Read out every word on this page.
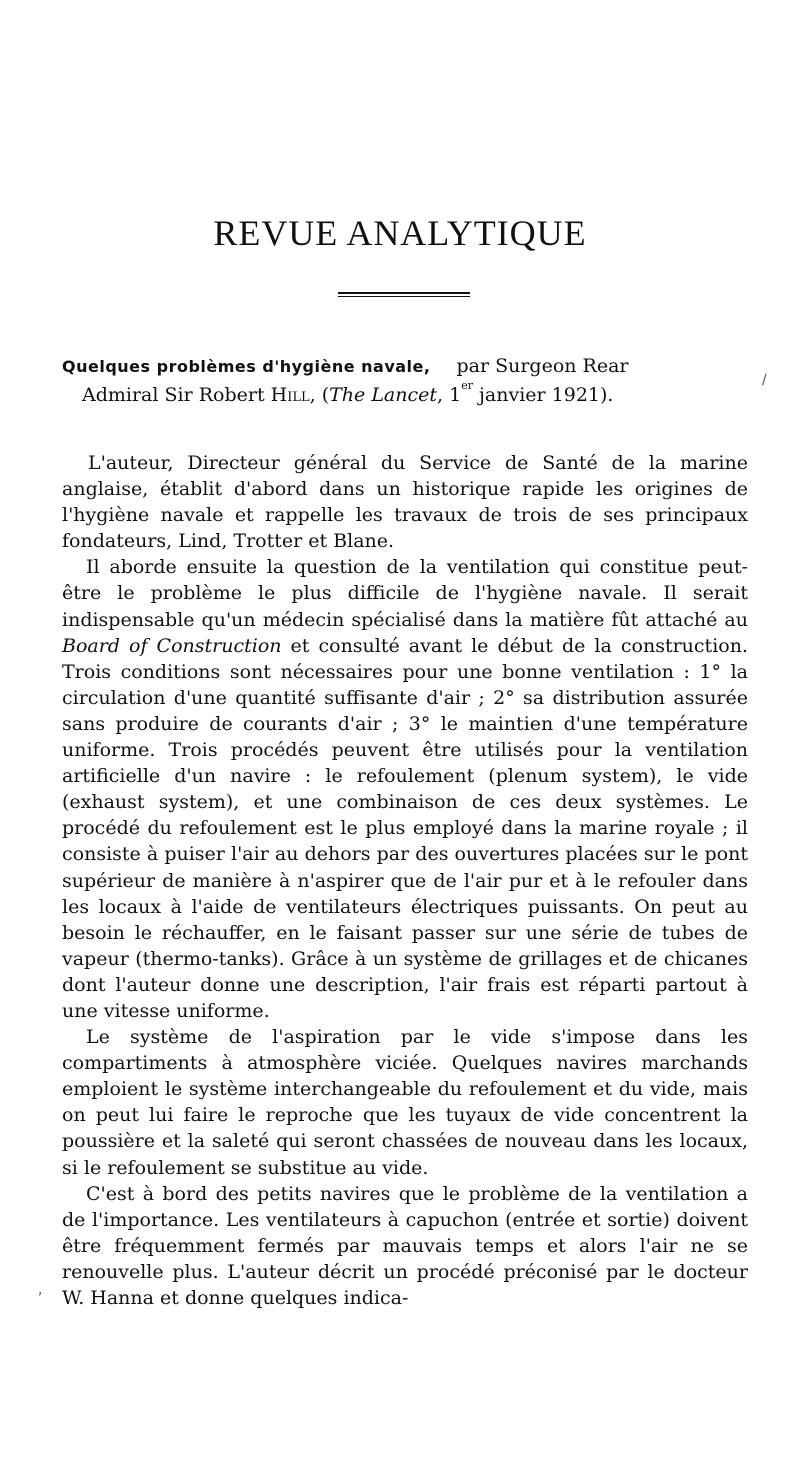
REVUE ANALYTIQUE
Quelques problèmes d'hygiène navale, par Surgeon Rear
Admiral Sir Robert Hill, (The Lancet, 1er janvier 1921).

L'auteur, Directeur général du Service de Santé de la marine anglaise, établit d'abord dans un historique rapide les origines de l'hygiène navale et rappelle les travaux de trois de ses principaux fondateurs, Lind, Trotter et Blane.

Il aborde ensuite la question de la ventilation qui constitue peut-être le problème le plus difficile de l'hygiène navale. Il serait indispensable qu'un médecin spécialisé dans la matière fût attaché au Board of Construction et consulté avant le début de la construction. Trois conditions sont nécessaires pour une bonne ventilation : 1° la circulation d'une quantité suffisante d'air ; 2° sa distribution assurée sans produire de courants d'air ; 3° le maintien d'une température uniforme. Trois procédés peuvent être utilisés pour la ventilation artificielle d'un navire : le refoulement (plenum system), le vide (exhaust system), et une combinaison de ces deux systèmes. Le procédé du refoulement est le plus employé dans la marine royale ; il consiste à puiser l'air au dehors par des ouvertures placées sur le pont supérieur de manière à n'aspirer que de l'air pur et à le refouler dans les locaux à l'aide de ventilateurs électriques puissants. On peut au besoin le réchauffer, en le faisant passer sur une série de tubes de vapeur (thermo-tanks). Grâce à un système de grillages et de chicanes dont l'auteur donne une description, l'air frais est réparti partout à une vitesse uniforme.

Le système de l'aspiration par le vide s'impose dans les compartiments à atmosphère viciée. Quelques navires marchands emploient le système interchangeable du refoulement et du vide, mais on peut lui faire le reproche que les tuyaux de vide concentrent la poussière et la saleté qui seront chassées de nouveau dans les locaux, si le refoulement se substitue au vide.

C'est à bord des petits navires que le problème de la ventilation a de l'importance. Les ventilateurs à capuchon (entrée et sortie) doivent être fréquemment fermés par mauvais temps et alors l'air ne se renouvelle plus. L'auteur décrit un procédé préconisé par le docteur W. Hanna et donne quelques indica-

/
,
